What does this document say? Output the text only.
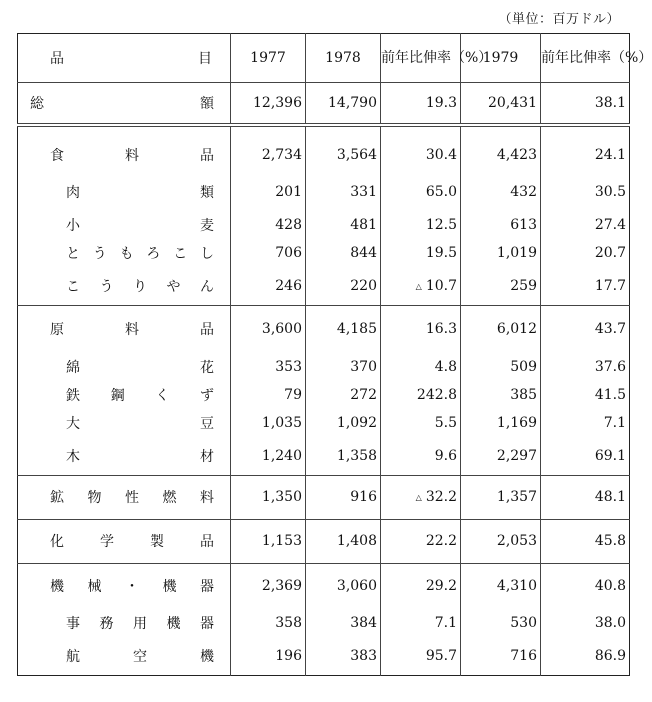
（単位：百万ドル）
品　　　　　　目	1977	1978	前年比伸率（%）	1979	前年比伸率（%）
総　　　　　　額	12,396	14,790	19.3	20,431	38.1
食　　料　　品	2,734	3,564	30.4	4,423	24.1
肉　　　　　類	201	331	65.0	432	30.5
小　　　　　麦	428	481	12.5	613	27.4
とうもろこし	706	844	19.5	1,019	20.7
こうりやん	246	220	△ 10.7	259	17.7
原　　料　　品	3,600	4,185	16.3	6,012	43.7
綿　　　　花	353	370	4.8	509	37.6
鉄鋼くず	79	272	242.8	385	41.5
大　　　　豆	1,035	1,092	5.5	1,169	7.1
木　　　　材	1,240	1,358	9.6	2,297	69.1
鉱物性燃料	1,350	916	△ 32.2	1,357	48.1
化学製品	1,153	1,408	22.2	2,053	45.8
機械・機器	2,369	3,060	29.2	4,310	40.8
事務用機器	358	384	7.1	530	38.0
航　　空　　機	196	383	95.7	716	86.9
